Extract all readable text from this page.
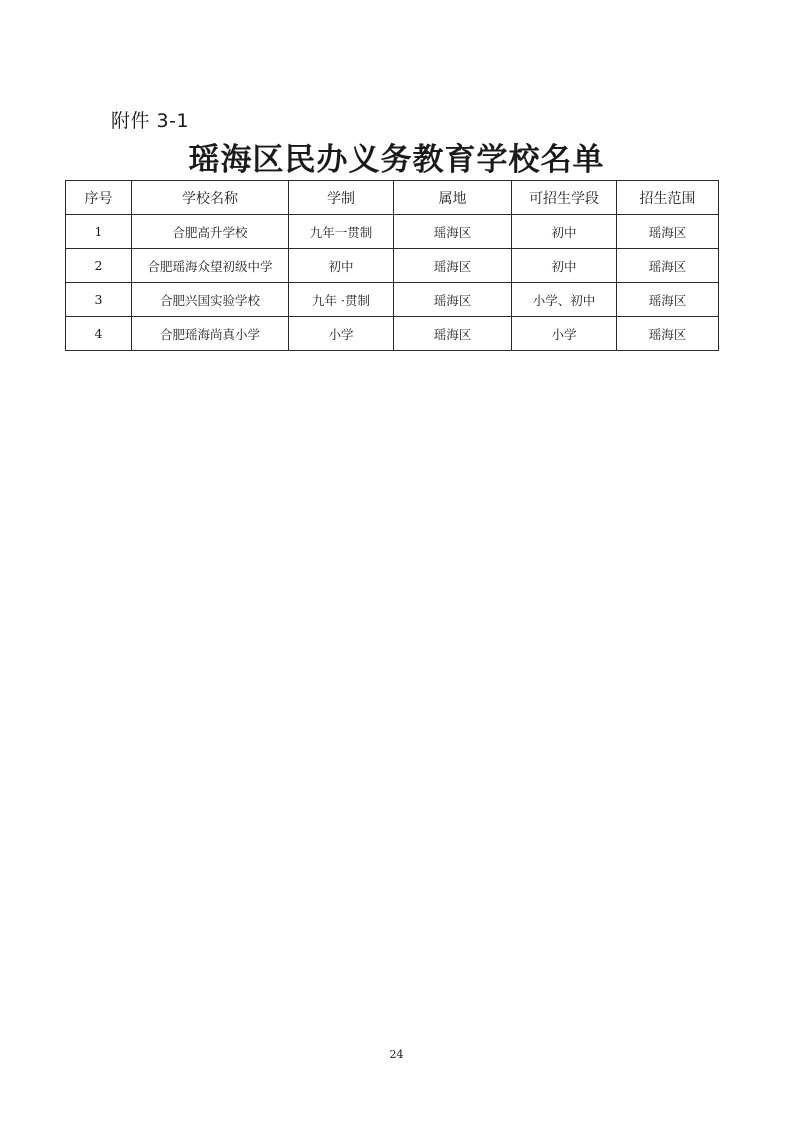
附件 3-1
瑶海区民办义务教育学校名单
序号	学校名称	学制	属地	可招生学段	招生范围
1	合肥高升学校	九年一贯制	瑶海区	初中	瑶海区
2	合肥瑶海众望初级中学	初中	瑶海区	初中	瑶海区
3	合肥兴国实验学校	九年 ·贯制	瑶海区	小学、初中	瑶海区
4	合肥瑶海尚真小学	小学	瑶海区	小学	瑶海区
24
